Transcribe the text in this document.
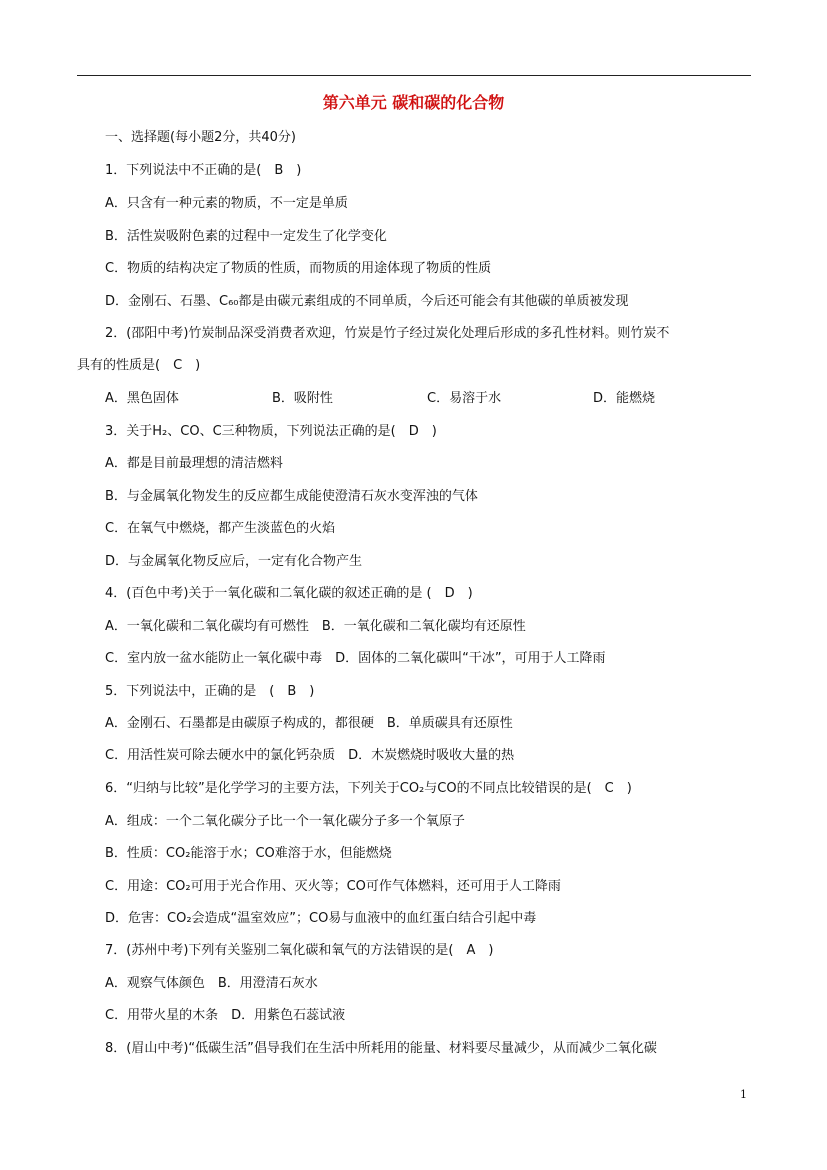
第六单元 碳和碳的化合物
一、选择题(每小题2分，共40分)
1．下列说法中不正确的是(　B　)
A．只含有一种元素的物质，不一定是单质
B．活性炭吸附色素的过程中一定发生了化学变化
C．物质的结构决定了物质的性质，而物质的用途体现了物质的性质
D．金刚石、石墨、C₆₀都是由碳元素组成的不同单质，今后还可能会有其他碳的单质被发现
2．(邵阳中考)竹炭制品深受消费者欢迎，竹炭是竹子经过炭化处理后形成的多孔性材料。则竹炭不
具有的性质是(　C　)
A．黑色固体	B．吸附性	C．易溶于水	D．能燃烧
3．关于H₂、CO、C三种物质，下列说法正确的是(　D　)
A．都是目前最理想的清洁燃料
B．与金属氧化物发生的反应都生成能使澄清石灰水变浑浊的气体
C．在氧气中燃烧，都产生淡蓝色的火焰
D．与金属氧化物反应后，一定有化合物产生
4．(百色中考)关于一氧化碳和二氧化碳的叙述正确的是 (　D　)
A．一氧化碳和二氧化碳均有可燃性　B．一氧化碳和二氧化碳均有还原性
C．室内放一盆水能防止一氧化碳中毒　D．固体的二氧化碳叫“干冰”，可用于人工降雨
5．下列说法中，正确的是　(　B　)
A．金刚石、石墨都是由碳原子构成的，都很硬　B．单质碳具有还原性
C．用活性炭可除去硬水中的氯化钙杂质　D．木炭燃烧时吸收大量的热
6．“归纳与比较”是化学学习的主要方法，下列关于CO₂与CO的不同点比较错误的是(　C　)
A．组成：一个二氧化碳分子比一个一氧化碳分子多一个氧原子
B．性质：CO₂能溶于水；CO难溶于水，但能燃烧
C．用途：CO₂可用于光合作用、灭火等；CO可作气体燃料，还可用于人工降雨
D．危害：CO₂会造成“温室效应”；CO易与血液中的血红蛋白结合引起中毒
7．(苏州中考)下列有关鉴别二氧化碳和氧气的方法错误的是(　A　)
A．观察气体颜色　B．用澄清石灰水
C．用带火星的木条　D．用紫色石蕊试液
8．(眉山中考)“低碳生活”倡导我们在生活中所耗用的能量、材料要尽量减少，从而减少二氧化碳
1
